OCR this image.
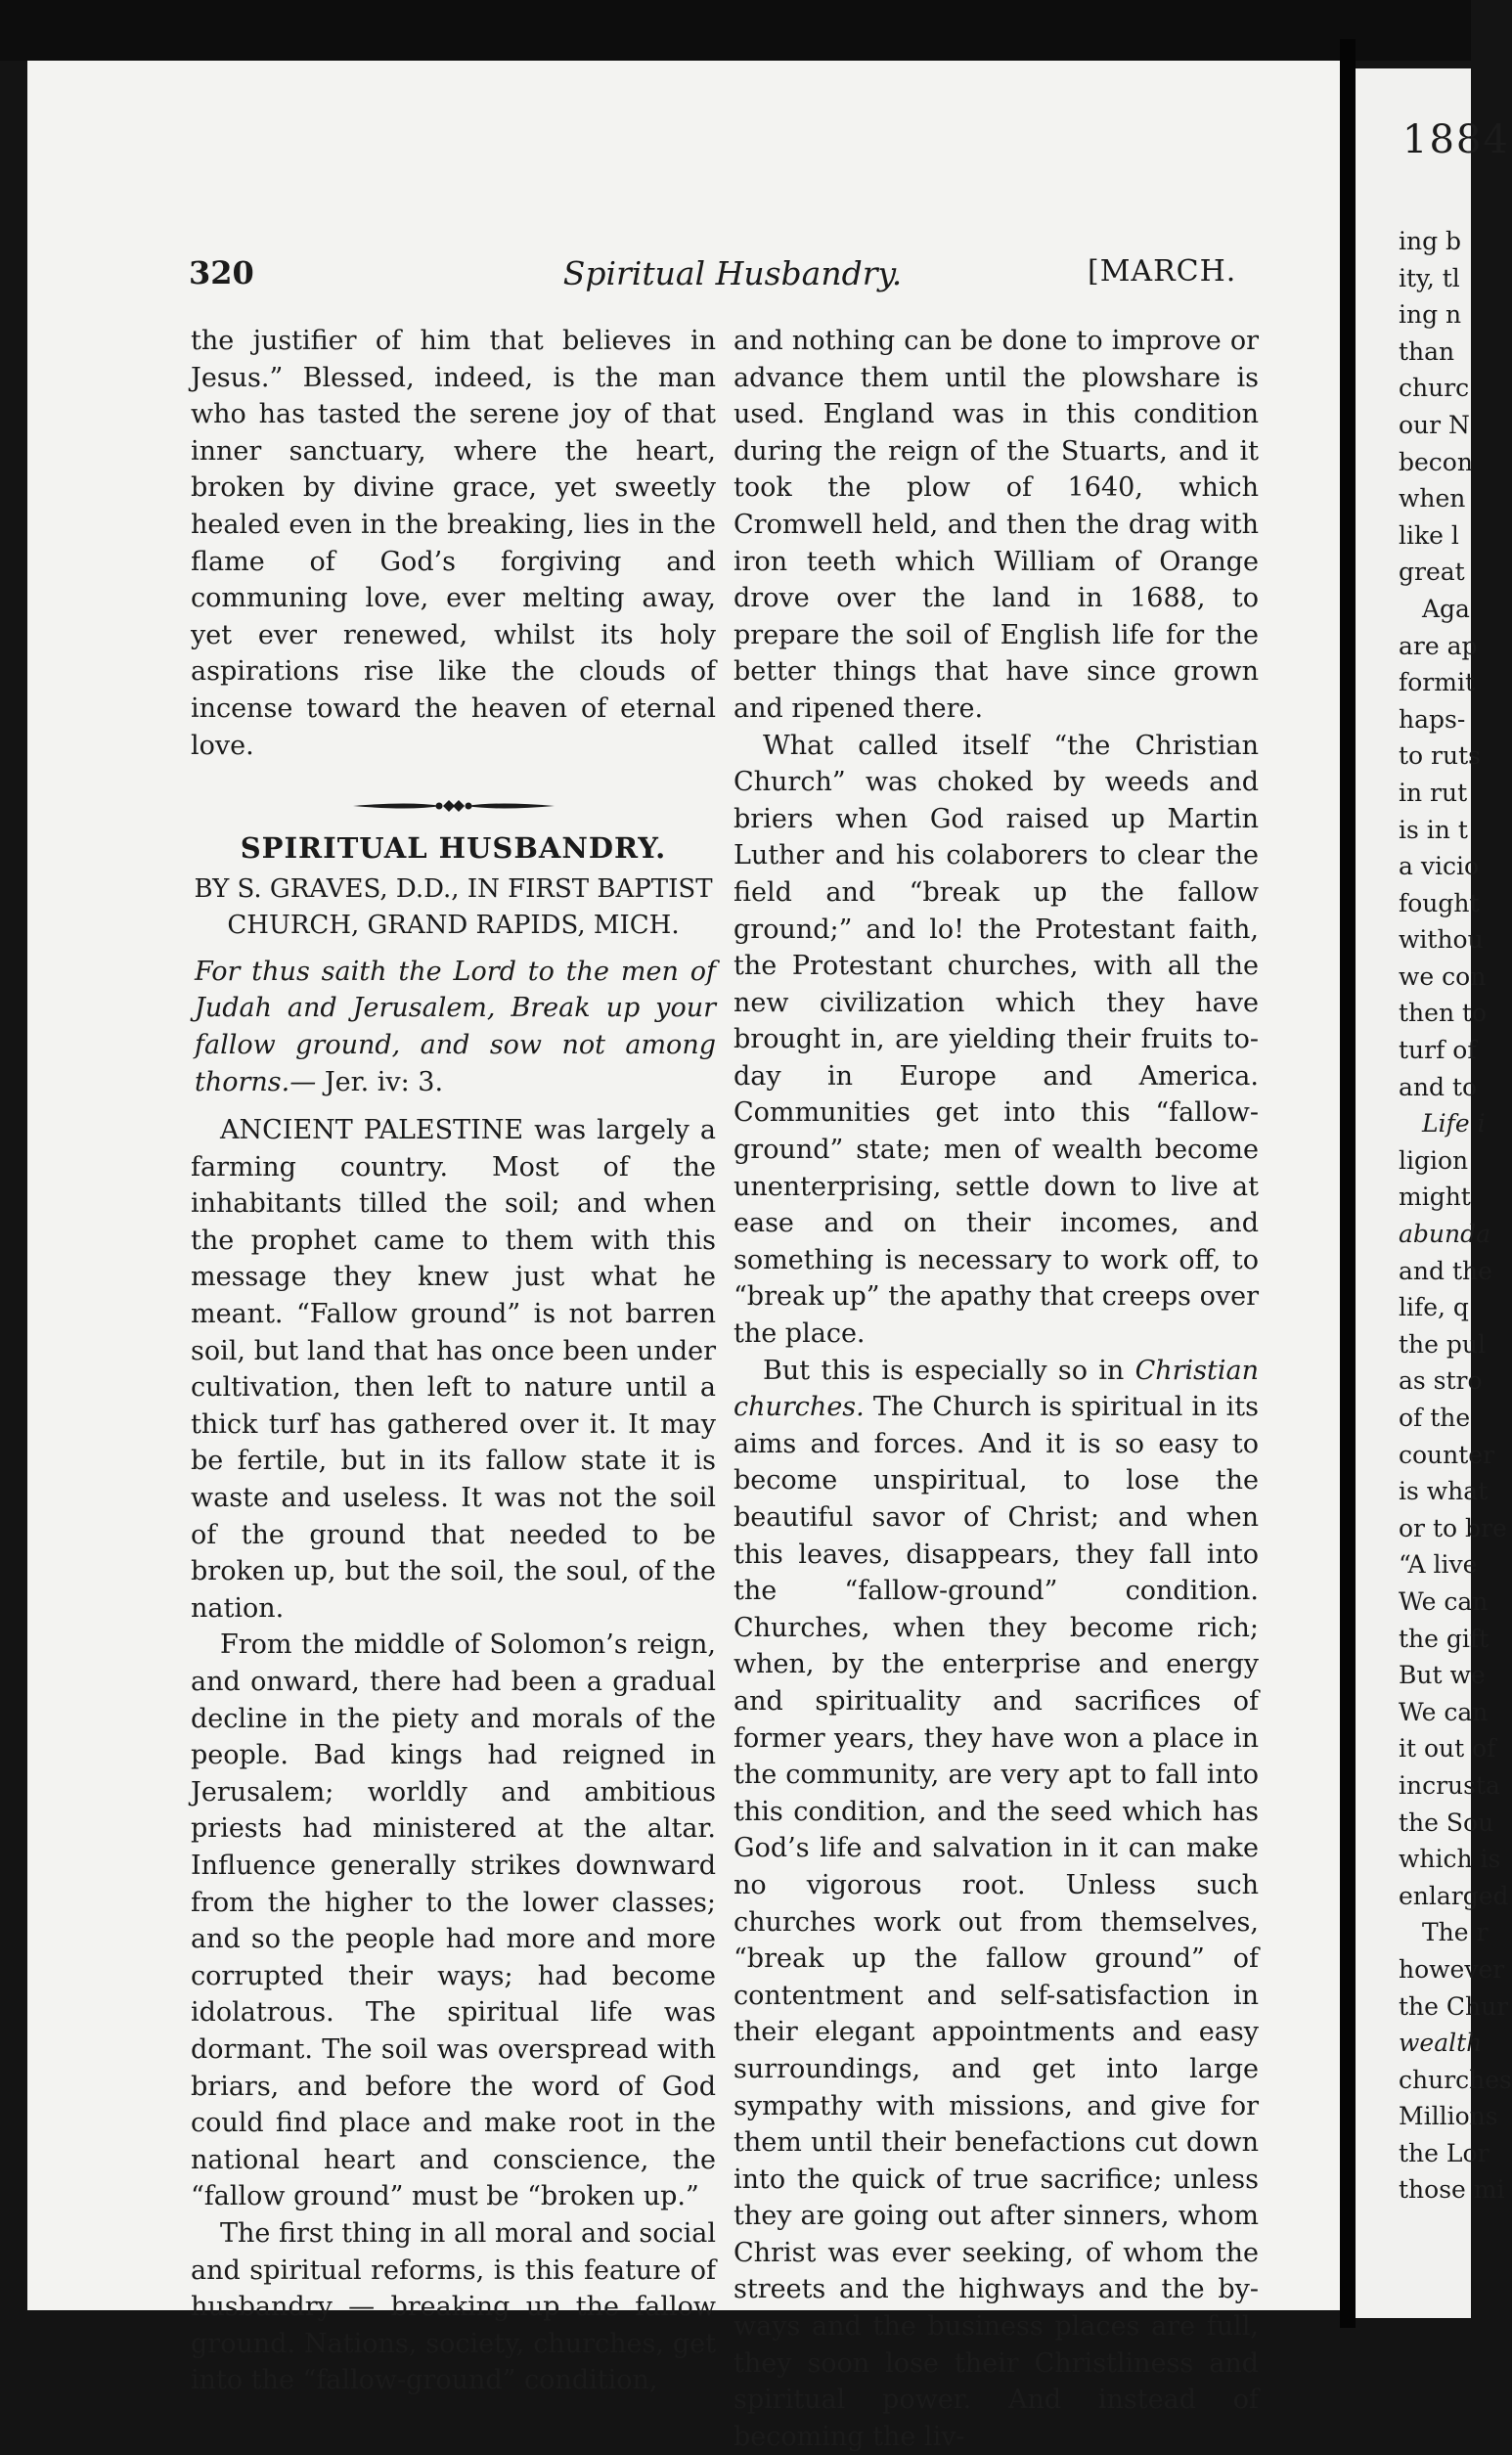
320	Spiritual Husbandry.	[MARCH.

the justifier of him that believes in Jesus.” Blessed, indeed, is the man who has tasted the serene joy of that inner sanctuary, where the heart, broken by divine grace, yet sweetly healed even in the breaking, lies in the flame of God’s forgiving and communing love, ever melting away, yet ever renewed, whilst its holy aspirations rise like the clouds of incense toward the heaven of eternal love.

SPIRITUAL HUSBANDRY.

BY S. GRAVES, D.D., IN FIRST BAPTIST

CHURCH, GRAND RAPIDS, MICH.

For thus saith the Lord to the men of Judah and Jerusalem, Break up your fallow ground, and sow not among thorns.— Jer. iv: 3.

ANCIENT PALESTINE was largely a farming country. Most of the inhabitants tilled the soil; and when the prophet came to them with this message they knew just what he meant. “Fallow ground” is not barren soil, but land that has once been under cultivation, then left to nature until a thick turf has gathered over it. It may be fertile, but in its fallow state it is waste and useless. It was not the soil of the ground that needed to be broken up, but the soil, the soul, of the nation.

From the middle of Solomon’s reign, and onward, there had been a gradual decline in the piety and morals of the people. Bad kings had reigned in Jerusalem; worldly and ambitious priests had ministered at the altar. Influence generally strikes downward from the higher to the lower classes; and so the people had more and more corrupted their ways; had become idolatrous. The spiritual life was dormant. The soil was overspread with briars, and before the word of God could find place and make root in the national heart and conscience, the “fallow ground” must be “broken up.”

The first thing in all moral and social and spiritual reforms, is this feature of husbandry — breaking up the fallow ground. Nations, society, churches, get into the “fallow-ground” condition,

and nothing can be done to improve or advance them until the plowshare is used. England was in this condition during the reign of the Stuarts, and it took the plow of 1640, which Cromwell held, and then the drag with iron teeth which William of Orange drove over the land in 1688, to prepare the soil of English life for the better things that have since grown and ripened there.

What called itself “the Christian Church” was choked by weeds and briers when God raised up Martin Luther and his colaborers to clear the field and “break up the fallow ground;” and lo! the Protestant faith, the Protestant churches, with all the new civilization which they have brought in, are yielding their fruits to-day in Europe and America. Communities get into this “fallow-ground” state; men of wealth become unenterprising, settle down to live at ease and on their incomes, and something is necessary to work off, to “break up” the apathy that creeps over the place.

But this is especially so in Christian churches. The Church is spiritual in its aims and forces. And it is so easy to become unspiritual, to lose the beautiful savor of Christ; and when this leaves, disappears, they fall into the “fallow-ground” condition. Churches, when they become rich; when, by the enterprise and energy and spirituality and sacrifices of former years, they have won a place in the community, are very apt to fall into this condition, and the seed which has God’s life and salvation in it can make no vigorous root. Unless such churches work out from themselves, “break up the fallow ground” of contentment and self-satisfaction in their elegant appointments and easy surroundings, and get into large sympathy with missions, and give for them until their benefactions cut down into the quick of true sacrifice; unless they are going out after sinners, whom Christ was ever seeking, of whom the streets and the highways and the by-ways and the business places are full, they soon lose their Christliness and spiritual power. And instead of becoming the liv-

1884
ing b
ity, tl
ing n
than
churc
our N
becon
when
like l
great
Aga
are ap
formit
haps-
to ruts
in rut
is in t
a vicio
fought
withou
we con
then to
turf of
and to
Life i
ligion
might
abunda
and the
life, q
the pul
as stro
of the
counter
is what
or to bre
“A live
We can
the gift
But we
We can
it out of
incrusta
the Sou
which is
enlarged
The r
however
the Chur
wealth
churches
Millions
the Lor
those mi
